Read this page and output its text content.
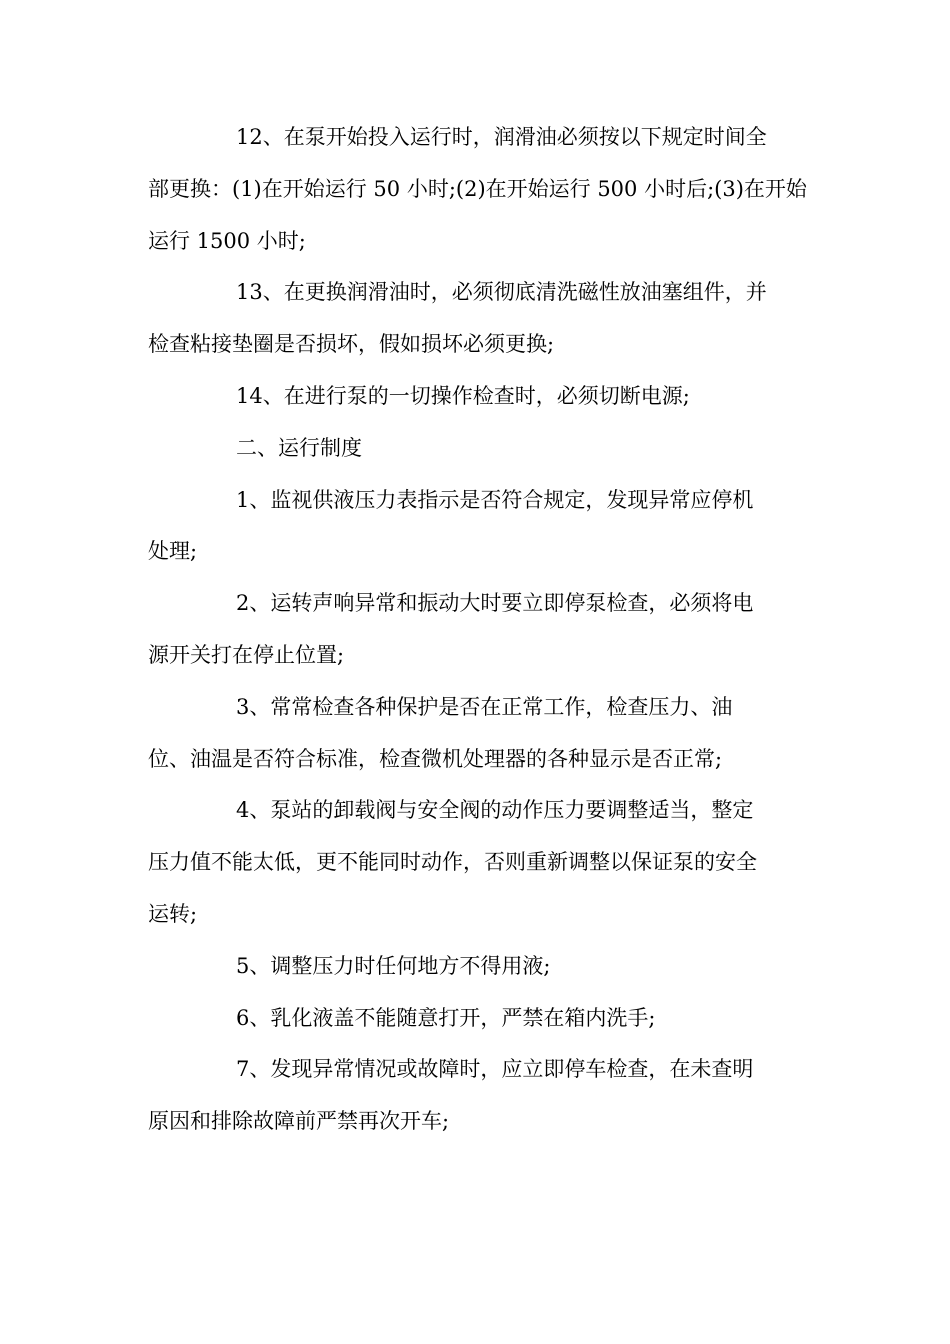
12、在泵开始投入运行时，润滑油必须按以下规定时间全
部更换：(1)在开始运行 50 小时;(2)在开始运行 500 小时后;(3)在开始
运行 1500 小时;

13、在更换润滑油时，必须彻底清洗磁性放油塞组件，并
检查粘接垫圈是否损坏，假如损坏必须更换;

14、在进行泵的一切操作检查时，必须切断电源;

二、运行制度

1、监视供液压力表指示是否符合规定，发现异常应停机
处理;

2、运转声响异常和振动大时要立即停泵检查，必须将电
源开关打在停止位置;

3、常常检查各种保护是否在正常工作，检查压力、油
位、油温是否符合标准，检查微机处理器的各种显示是否正常;

4、泵站的卸载阀与安全阀的动作压力要调整适当，整定
压力值不能太低，更不能同时动作，否则重新调整以保证泵的安全
运转;

5、调整压力时任何地方不得用液;

6、乳化液盖不能随意打开，严禁在箱内洗手;

7、发现异常情况或故障时，应立即停车检查，在未查明
原因和排除故障前严禁再次开车;
